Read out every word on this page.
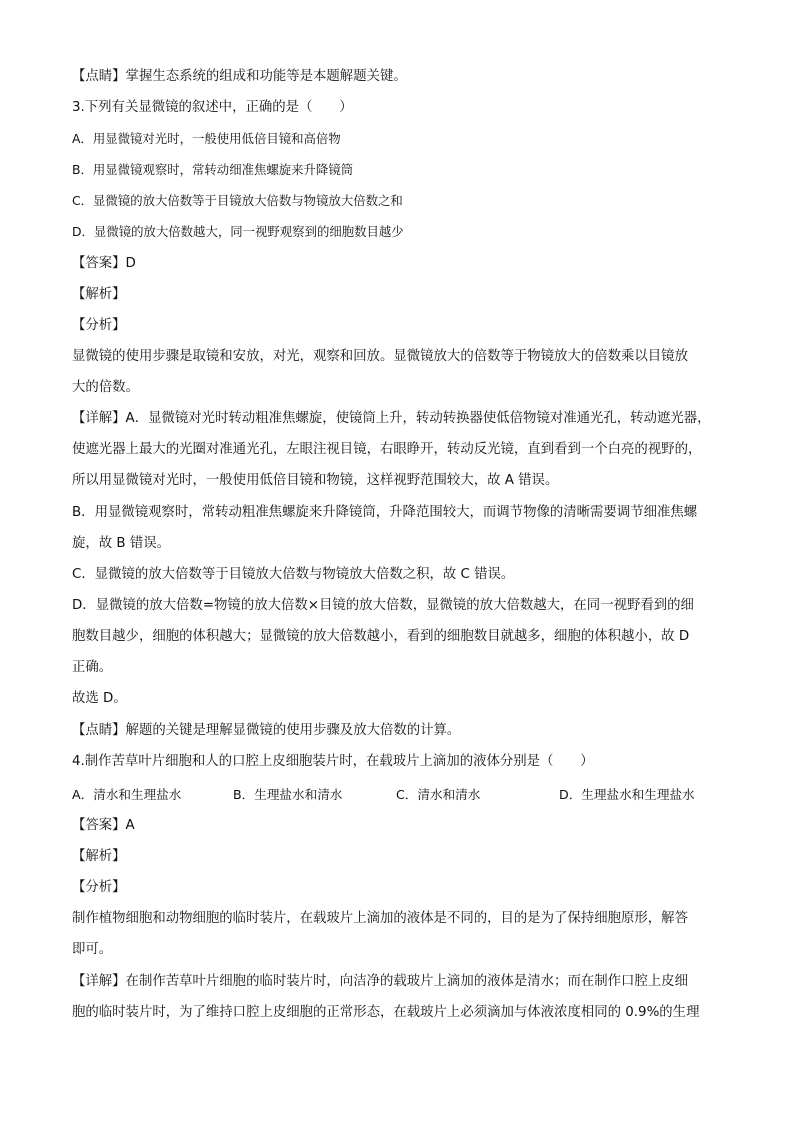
【点睛】掌握生态系统的组成和功能等是本题解题关键。
3.下列有关显微镜的叙述中，正确的是（　　）
A．用显微镜对光时，一般使用低倍目镜和高倍物
B．用显微镜观察时，常转动细准焦螺旋来升降镜筒
C．显微镜的放大倍数等于目镜放大倍数与物镜放大倍数之和
D．显微镜的放大倍数越大，同一视野观察到的细胞数目越少
【答案】D
【解析】
【分析】
显微镜的使用步骤是取镜和安放，对光，观察和回放。显微镜放大的倍数等于物镜放大的倍数乘以目镜放
大的倍数。
【详解】A．显微镜对光时转动粗准焦螺旋，使镜筒上升，转动转换器使低倍物镜对准通光孔，转动遮光器，
使遮光器上最大的光圈对准通光孔，左眼注视目镜，右眼睁开，转动反光镜，直到看到一个白亮的视野的，
所以用显微镜对光时，一般使用低倍目镜和物镜，这样视野范围较大，故 A 错误。
B．用显微镜观察时，常转动粗准焦螺旋来升降镜筒，升降范围较大，而调节物像的清晰需要调节细准焦螺
旋，故 B 错误。
C．显微镜的放大倍数等于目镜放大倍数与物镜放大倍数之积，故 C 错误。
D．显微镜的放大倍数=物镜的放大倍数×目镜的放大倍数，显微镜的放大倍数越大，在同一视野看到的细
胞数目越少，细胞的体积越大；显微镜的放大倍数越小，看到的细胞数目就越多，细胞的体积越小，故 D
正确。
故选 D。
【点睛】解题的关键是理解显微镜的使用步骤及放大倍数的计算。
4.制作苦草叶片细胞和人的口腔上皮细胞装片时，在载玻片上滴加的液体分别是（　　）
A．清水和生理盐水	B．生理盐水和清水	C．清水和清水	D．生理盐水和生理盐水
【答案】A
【解析】
【分析】
制作植物细胞和动物细胞的临时装片，在载玻片上滴加的液体是不同的，目的是为了保持细胞原形，解答
即可。
【详解】在制作苦草叶片细胞的临时装片时，向洁净的载玻片上滴加的液体是清水；而在制作口腔上皮细
胞的临时装片时，为了维持口腔上皮细胞的正常形态，在载玻片上必须滴加与体液浓度相同的 0.9%的生理
